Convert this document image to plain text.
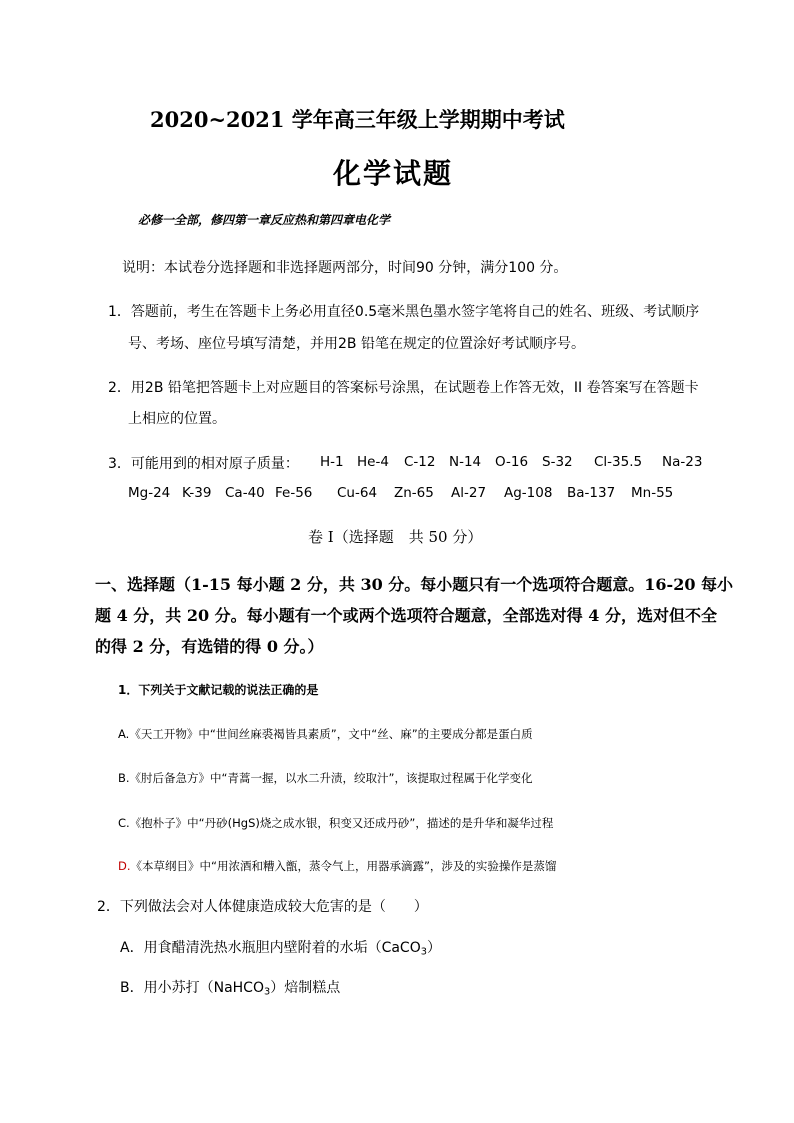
2020~2021 学年高三年级上学期期中考试
化学试题
必修一全部，修四第一章反应热和第四章电化学
说明：本试卷分选择题和非选择题两部分，时间90 分钟，满分100 分。
1．答题前，考生在答题卡上务必用直径0.5毫米黑色墨水签字笔将自己的姓名、班级、考试顺序
号、考场、座位号填写清楚，并用2B 铅笔在规定的位置涂好考试顺序号。
2．用2B 铅笔把答题卡上对应题目的答案标号涂黑，在试题卷上作答无效，II 卷答案写在答题卡
上相应的位置。
3．可能用到的相对原子质量： H-1 He-4 C-12 N-14 O-16 S-32 Cl-35.5 Na-23
Mg-24 K-39 Ca-40 Fe-56 Cu-64 Zn-65 Al-27 Ag-108 Ba-137 Mn-55
卷 I（选择题　共 50 分）
一、选择题（1-15 每小题 2 分，共 30 分。每小题只有一个选项符合题意。16-20 每小
题 4 分，共 20 分。每小题有一个或两个选项符合题意，全部选对得 4 分，选对但不全
的得 2 分，有选错的得 0 分。）
1．下列关于文献记载的说法正确的是
A.《天工开物》中“世间丝麻裘褐皆具素质”，文中“丝、麻”的主要成分都是蛋白质
B.《肘后备急方》中“青蒿一握，以水二升渍，绞取汁”，该提取过程属于化学变化
C.《抱朴子》中“丹砂(HgS)烧之成水银，积变又还成丹砂”，描述的是升华和凝华过程
D.《本草纲目》中“用浓酒和糟入甑，蒸令气上，用器承滴露”，涉及的实验操作是蒸馏
2．下列做法会对人体健康造成较大危害的是（　　）
A．用食醋清洗热水瓶胆内壁附着的水垢（CaCO$_3$）
B．用小苏打（NaHCO$_3$）焙制糕点
